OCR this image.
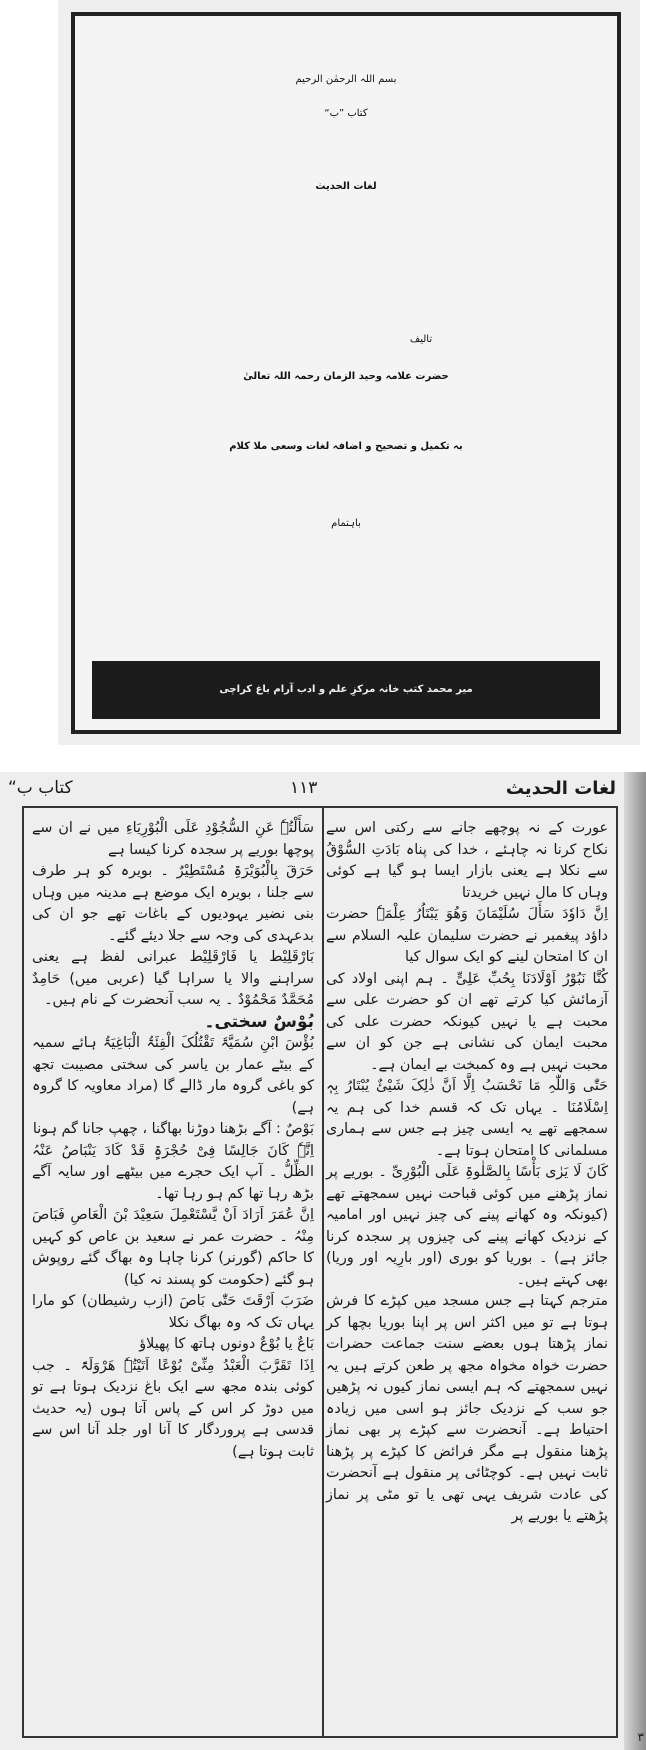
بسم اللہ الرحمٰن الرحیم
کتاب ”ب“
لغات الحدیث
تالیف
حضرت علامہ وحید الزمان رحمہ اللہ تعالیٰ
بہ تکمیل و تصحیح و اضافہ لغات وسعی ملا کلام
باہتمام
میر محمد کتب خانہ مرکزِ علم و ادب آرام باغ کراچی
لغات الحدیث
۱۱۳
کتاب ب“

عورت کے نہ پوچھے جانے سے رکتی اس سے نکاح کرنا نہ چاہئے ، خدا کی پناہ بَادَتِ السُّوْقُ سے نکلا ہے یعنی بازار ایسا ہو گیا ہے کوئی وہاں کا مال نہیں خریدتا

اِنَّ دَاوٗدَ سَأَلَ سُلَیْمَانَ وَھُوَ یَبْتَاُرُ عِلْمَہٗ حضرت داؤد پیغمبر نے حضرت سلیمان علیہ السلام سے ان کا امتحان لینے کو ایک سوال کیا

کُنَّا نَبُوْرُ اَوْلَادَنَا بِحُبِّ عَلِیٍّ ۔ ہم اپنی اولاد کی آزمائش کیا کرتے تھے ان کو حضرت علی سے محبت ہے یا نہیں کیونکہ حضرت علی کی محبت ایمان کی نشانی ہے جن کو ان سے محبت نہیں ہے وہ کمبخت بے ایمان ہے۔

حَتّٰی وَاللّٰہِ مَا نَحْسَبُ اِلَّا اَنَّ ذٰلِکَ شَیْئٌ یُبْتَارُ بِہٖ اِسْلَامُنَا ۔ یہاں تک کہ قسم خدا کی ہم یہ سمجھے تھے یہ ایسی چیز ہے جس سے ہماری مسلمانی کا امتحان ہوتا ہے۔

کَانَ لَا یَرٰی بَأْسًا بِالصَّلٰوۃِ عَلَی الْبُوْرِیِّ ۔ بوریے پر نماز پڑھنے میں کوئی قباحت نہیں سمجھتے تھے (کیونکہ وہ کھانے پینے کی چیز نہیں اور امامیہ کے نزدیک کھانے پینے کی چیزوں پر سجدہ کرنا جائز ہے) ۔ بوریا کو بوری (اور بارِیہ اور وریا) بھی کہتے ہیں۔

مترجم کہتا ہے جس مسجد میں کپڑے کا فرش ہوتا ہے تو میں اکثر اس پر اپنا بوریا بچھا کر نماز پڑھتا ہوں بعضے سنت جماعت حضرات حضرت خواہ مخواہ مجھ پر طعن کرتے ہیں یہ نہیں سمجھتے کہ ہم ایسی نماز کیوں نہ پڑھیں جو سب کے نزدیک جائز ہو اسی میں زیادہ احتیاط ہے۔ آنحضرت سے کپڑے پر بھی نماز پڑھنا منقول ہے مگر فرائض کا کپڑے پر پڑھنا ثابت نہیں ہے۔ کوچٹائی پر منقول ہے آنحضرت کی عادت شریف یہی تھی یا تو مٹی پر نماز پڑھتے یا بوریے پر

سَأَلْتُہٗ عَنِ السُّجُوْدِ عَلَی الْبُوْرِیَاءِ میں نے ان سے پوچھا بوریے پر سجدہ کرنا کیسا ہے

حَرَقَ بِالْبُوَیْرَۃِ مُسْتَطِیْرٌ ۔ بویرہ کو ہر طرف سے جلنا ، بویرہ ایک موضع ہے مدینہ میں وہاں بنی نضیر یہودیوں کے باغات تھے جو ان کی بدعہدی کی وجہ سے جلا دیئے گئے۔

بَارْقَلِیْط یا فَارْقَلِیْط عبرانی لفظ ہے یعنی سراہنے والا یا سراہا گیا (عربی میں) حَامِدٌ مُحَمَّدٌ مَحْمُوْدٌ ۔ یہ سب آنحضرت کے نام ہیں۔

بُوْسٌ سختی۔

بُؤْسَ ابْنِ سُمَیَّۃَ تَقْتُلُکَ الْفِئَۃُ الْبَاغِیَۃُ ہائے سمیہ کے بیٹے عمار بن یاسر کی سختی مصیبت تجھ کو باغی گروہ مار ڈالے گا (مراد معاویہ کا گروہ ہے)

بَوْصٌ : آگے بڑھنا دوڑنا بھاگنا ، چھپ جانا گم ہونا

اِنَّہٗ کَانَ جَالِسًا فِیْ حُجْرَۃٍ قَدْ کَادَ یَنْبَاصُ عَنْہُ الظِّلُّ ۔ آپ ایک حجرے میں بیٹھے اور سایہ آگے بڑھ رہا تھا کم ہو رہا تھا۔

اِنَّ عُمَرَ اَرَادَ اَنْ یَّسْتَعْمِلَ سَعِیْدَ بْنَ الْعَاصِ فَبَاصَ مِنْہُ ۔ حضرت عمر نے سعید بن عاص کو کہیں کا حاکم (گورنر) کرنا چاہا وہ بھاگ گئے روپوش ہو گئے (حکومت کو پسند نہ کیا)

ضَرَبَ اَرْقَتَ حَتّٰی بَاصَ (ازب رشیطان) کو مارا یہاں تک کہ وہ بھاگ نکلا

بَاعٌ یا بُوْعٌ دونوں ہاتھ کا پھیلاؤ

اِذَا تَقَرَّبَ الْعَبْدُ مِنِّیْ بُوْعًا اَتَیْتُہٗ ھَرْوَلَۃً ۔ جب کوئی بندہ مجھ سے ایک باغ نزدیک ہوتا ہے تو میں دوڑ کر اس کے پاس آتا ہوں (یہ حدیث قدسی ہے پروردگار کا آنا اور جلد آنا اس سے ثابت ہوتا ہے)

۳
